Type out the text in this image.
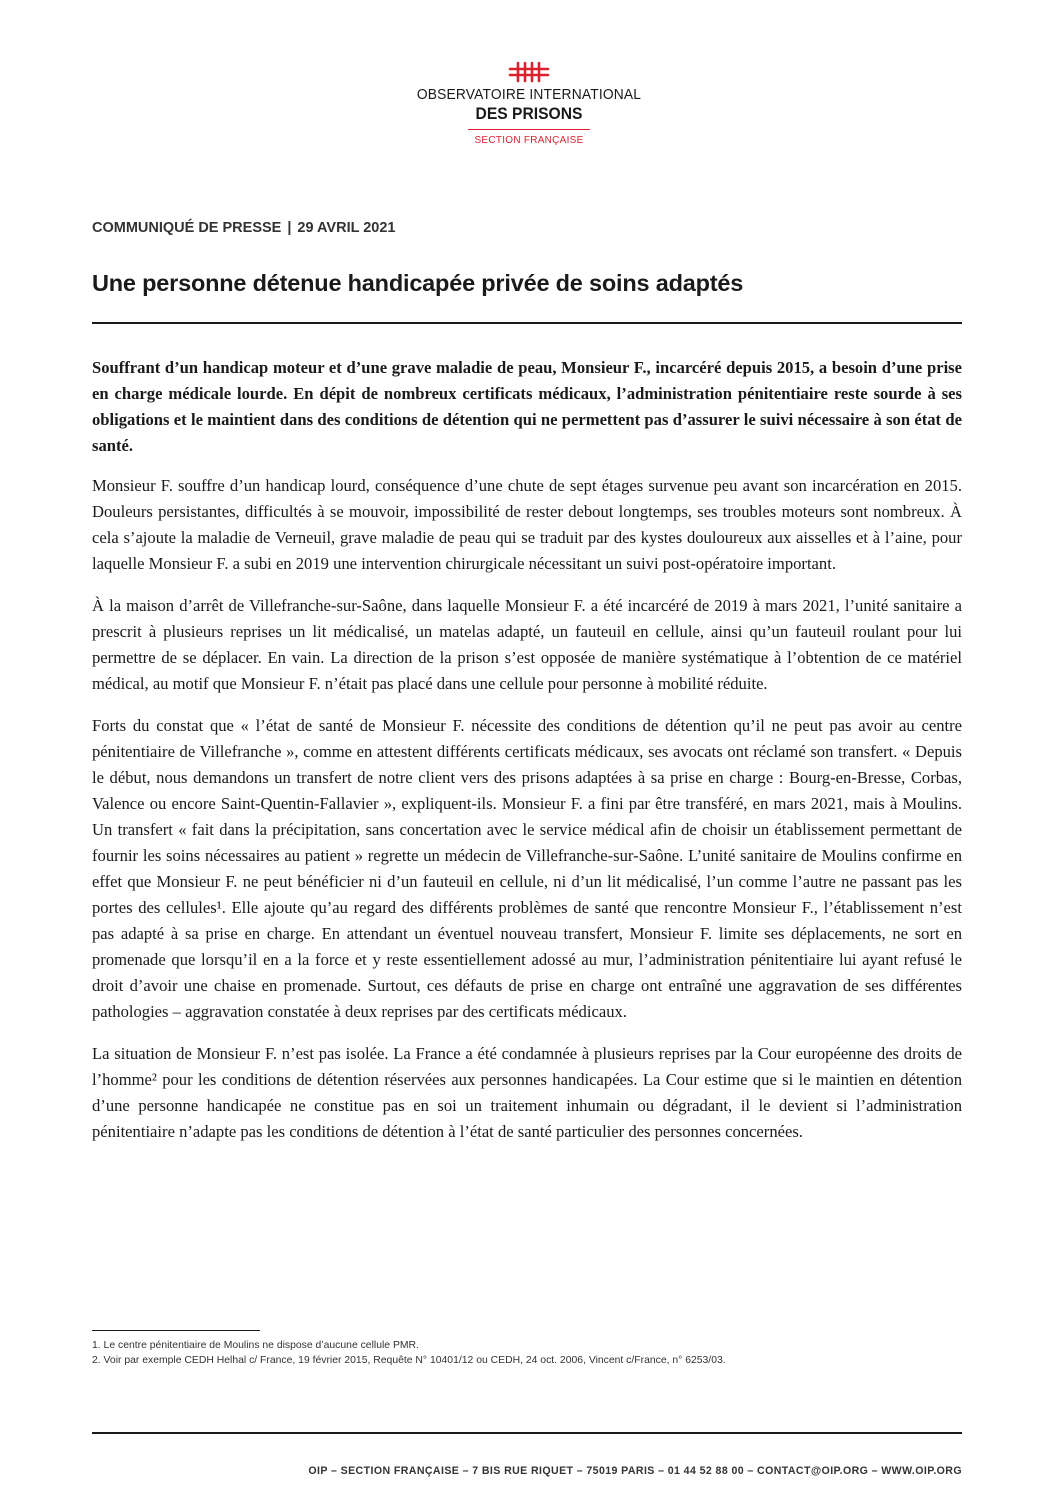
OBSERVATOIRE INTERNATIONAL
DES PRISONS
SECTION FRANÇAISE
COMMUNIQUÉ DE PRESSE | 29 AVRIL 2021
Une personne détenue handicapée privée de soins adaptés

Souffrant d’un handicap moteur et d’une grave maladie de peau, Monsieur F., incarcéré depuis 2015, a besoin d’une prise en charge médicale lourde. En dépit de nombreux certificats médicaux, l’administration pénitentiaire reste sourde à ses obligations et le maintient dans des conditions de détention qui ne permettent pas d’assurer le suivi nécessaire à son état de santé.

Monsieur F. souffre d’un handicap lourd, conséquence d’une chute de sept étages survenue peu avant son incarcération en 2015. Douleurs persistantes, difficultés à se mouvoir, impossibilité de rester debout longtemps, ses troubles moteurs sont nombreux. À cela s’ajoute la maladie de Verneuil, grave maladie de peau qui se traduit par des kystes douloureux aux aisselles et à l’aine, pour laquelle Monsieur F. a subi en 2019 une intervention chirurgicale nécessitant un suivi post-opératoire important.

À la maison d’arrêt de Villefranche-sur-Saône, dans laquelle Monsieur F. a été incarcéré de 2019 à mars 2021, l’unité sanitaire a prescrit à plusieurs reprises un lit médicalisé, un matelas adapté, un fauteuil en cellule, ainsi qu’un fauteuil roulant pour lui permettre de se déplacer. En vain. La direction de la prison s’est opposée de manière systématique à l’obtention de ce matériel médical, au motif que Monsieur F. n’était pas placé dans une cellule pour personne à mobilité réduite.

Forts du constat que « l’état de santé de Monsieur F. nécessite des conditions de détention qu’il ne peut pas avoir au centre pénitentiaire de Villefranche », comme en attestent différents certificats médicaux, ses avocats ont réclamé son transfert. « Depuis le début, nous demandons un transfert de notre client vers des prisons adaptées à sa prise en charge : Bourg-en-Bresse, Corbas, Valence ou encore Saint-Quentin-Fallavier », expliquent-ils. Monsieur F. a fini par être transféré, en mars 2021, mais à Moulins. Un transfert « fait dans la précipitation, sans concertation avec le service médical afin de choisir un établissement permettant de fournir les soins nécessaires au patient » regrette un médecin de Villefranche-sur-Saône. L’unité sanitaire de Moulins confirme en effet que Monsieur F. ne peut bénéficier ni d’un fauteuil en cellule, ni d’un lit médicalisé, l’un comme l’autre ne passant pas les portes des cellules¹. Elle ajoute qu’au regard des différents problèmes de santé que rencontre Monsieur F., l’établissement n’est pas adapté à sa prise en charge. En attendant un éventuel nouveau transfert, Monsieur F. limite ses déplacements, ne sort en promenade que lorsqu’il en a la force et y reste essentiellement adossé au mur, l’administration pénitentiaire lui ayant refusé le droit d’avoir une chaise en promenade. Surtout, ces défauts de prise en charge ont entraîné une aggravation de ses différentes pathologies – aggravation constatée à deux reprises par des certificats médicaux.

La situation de Monsieur F. n’est pas isolée. La France a été condamnée à plusieurs reprises par la Cour européenne des droits de l’homme² pour les conditions de détention réservées aux personnes handicapées. La Cour estime que si le maintien en détention d’une personne handicapée ne constitue pas en soi un traitement inhumain ou dégradant, il le devient si l’administration pénitentiaire n’adapte pas les conditions de détention à l’état de santé particulier des personnes concernées.

1. Le centre pénitentiaire de Moulins ne dispose d’aucune cellule PMR.
2. Voir par exemple CEDH Helhal c/ France, 19 février 2015, Requête N° 10401/12 ou CEDH, 24 oct. 2006, Vincent c/France, n° 6253/03.
OIP – SECTION FRANÇAISE – 7 BIS RUE RIQUET – 75019 PARIS – 01 44 52 88 00 – CONTACT@OIP.ORG – WWW.OIP.ORG
